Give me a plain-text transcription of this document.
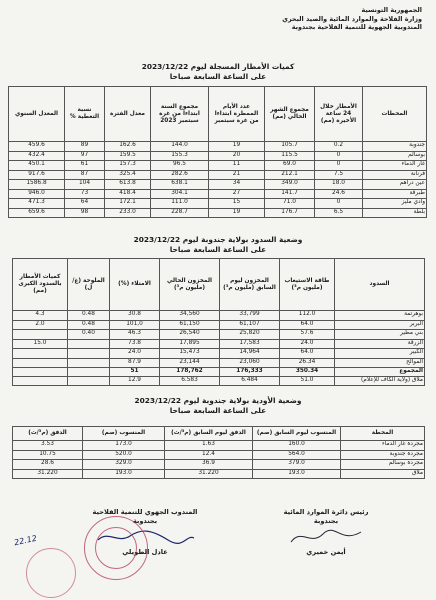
الجمهورية التونسية
وزارة الفلاحة والموارد المائية والصيد البحري
المندوبية الجهوية للتنمية الفلاحية بجندوبة
كميات الأمطار المسجلة ليوم 2023/12/22
على الساعة السابعة صباحا
المحطات	الأمطار خلال 24 ساعة الأخيرة (مم)	مجموع الشهر الحالي (مم)	عدد الأيام الممطرة ابتداءا من غرة سبتمبر	مجموع السنة ابتداءا من غرة سبتمبر 2023	معدل الفترة	نسبة التغطية %	المعدل السنوي
جندوبة	0.2	105.7	19	144.0	162.6	89	459.6
بوسالم	0	115.5	20	155.3	159.5	97	432.4
غار الدماء	0	69.0	11	96.5	157.3	61	450.1
فرنانة	7.5	212.1	21	282.6	325.4	87	917.6
عين دراهم	18.0	349.0	34	638.1	613.8	104	1586.8
طبرقة	24.6	141.7	27	304.1	418.4	73	946.0
وادي مليز	0	71.0	15	111.0	172.1	64	471.3
بلطة	6.5	176.7	19	228.7	233.0	98	659.6
وضعية السدود بولاية جندوبة ليوم 2023/12/22
على الساعة السابعة صباحا
السدود	طاقة الاستيعاب (مليون م³)	المخزون ليوم السابق (مليون م³)	المخزون الحالي (مليون م³)	الامتلاء (%)	الملوحة (غ/ل)	كميات الأمطار بالسدود الكبرى (مم)
بوهرتمة	112.0	33,799	34,560	30.8	0.48	4.3
البربر	64.0	61,107	61,150	101,0	0.48	2.0
بني مطير	57.6	25,820	26,540	46.3	0.40	
الزرقة	24.0	17,583	17,895	73.8		15.0
الكبير	64.0	14,964	15,473	24.0		
الموالح	26.34	23,060	23,144	87.9		
المجموع	350.34	176,333	178,762	51		
ملاق (ولاية الكاف للإعلام)	51.0	6.484	6.583	12.9		
وضعية الأودية بولاية جندوبة ليوم 2023/12/22
على الساعة السابعة صباحا
المحطة	المنسوب ليوم السابق (صم)	الدفق ليوم السابق (م³/ث)	المنسوب (صم)	الدفق (م³/ث)
مجردة غار الدماء	160.0	1.63	173.0	3.53
مجردة جندوبة	564.0	12.4	520.0	10.75
مجردة بوسالم	379.0	36.9	329.0	28.6
ملاق	193.0	31.220	193.0	31.220
رئيس دائرة الموارد المائية
بجندوبة
أيمن خميري
المندوب الجهوي للتنمية الفلاحية
بجندوبة
عادل الطويلي
22.12
